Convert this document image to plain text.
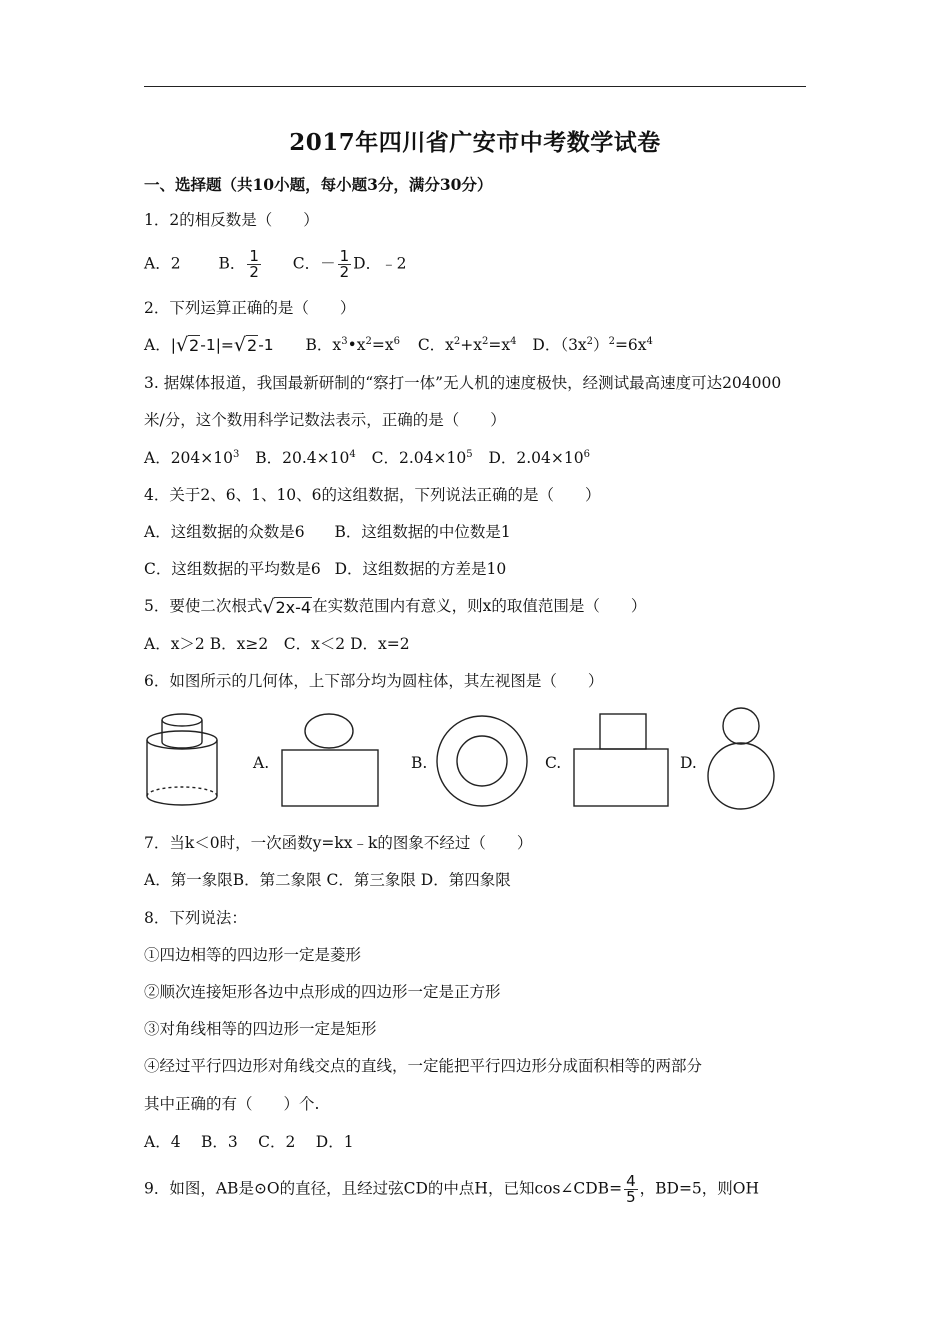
2017年四川省广安市中考数学试卷
一、选择题（共10小题，每小题3分，满分30分）
1．2的相反数是（　　）
A．2 B． $\frac{1}{2}$ C．－ $\frac{1}{2}$ D．﹣2
2．下列运算正确的是（　　）
A．|√2-1|=√2-1 B．$x^3•x^2=x^6$ C．$x^2+x^2=x^4$ D．$(3x^2)^2=6x^4$
3. 据媒体报道，我国最新研制的“察打一体”无人机的速度极快，经测试最高速度可达204000
米/分，这个数用科学记数法表示，正确的是（　　）
A．$204\times 10^3$ B．$20.4\times 10^4$ C．$2.04\times 10^5$ D．$2.04\times 10^6$
4．关于2、6、1、10、6的这组数据，下列说法正确的是（　　）
A．这组数据的众数是6 B．这组数据的中位数是1
C．这组数据的平均数是6 D．这组数据的方差是10
5．要使二次根式√2x-4在实数范围内有意义，则x的取值范围是（　　）
A．x＞2 B．x≥2　C．x＜2 D．x=2
6．如图所示的几何体，上下部分均为圆柱体，其左视图是（　　）
A.	B.	C.	D.
7．当k＜0时，一次函数y=kx﹣k的图象不经过（　　）
A．第一象限B．第二象限 C．第三象限 D．第四象限
8．下列说法：
①四边相等的四边形一定是菱形
②顺次连接矩形各边中点形成的四边形一定是正方形
③对角线相等的四边形一定是矩形
④经过平行四边形对角线交点的直线，一定能把平行四边形分成面积相等的两部分
其中正确的有（　　）个.
A．4　 B．3　 C．2　 D．1
9．如图，AB是⊙O的直径，且经过弦CD的中点H，已知cos∠CDB= $\frac{4}{5}$ ，BD=5，则OH
